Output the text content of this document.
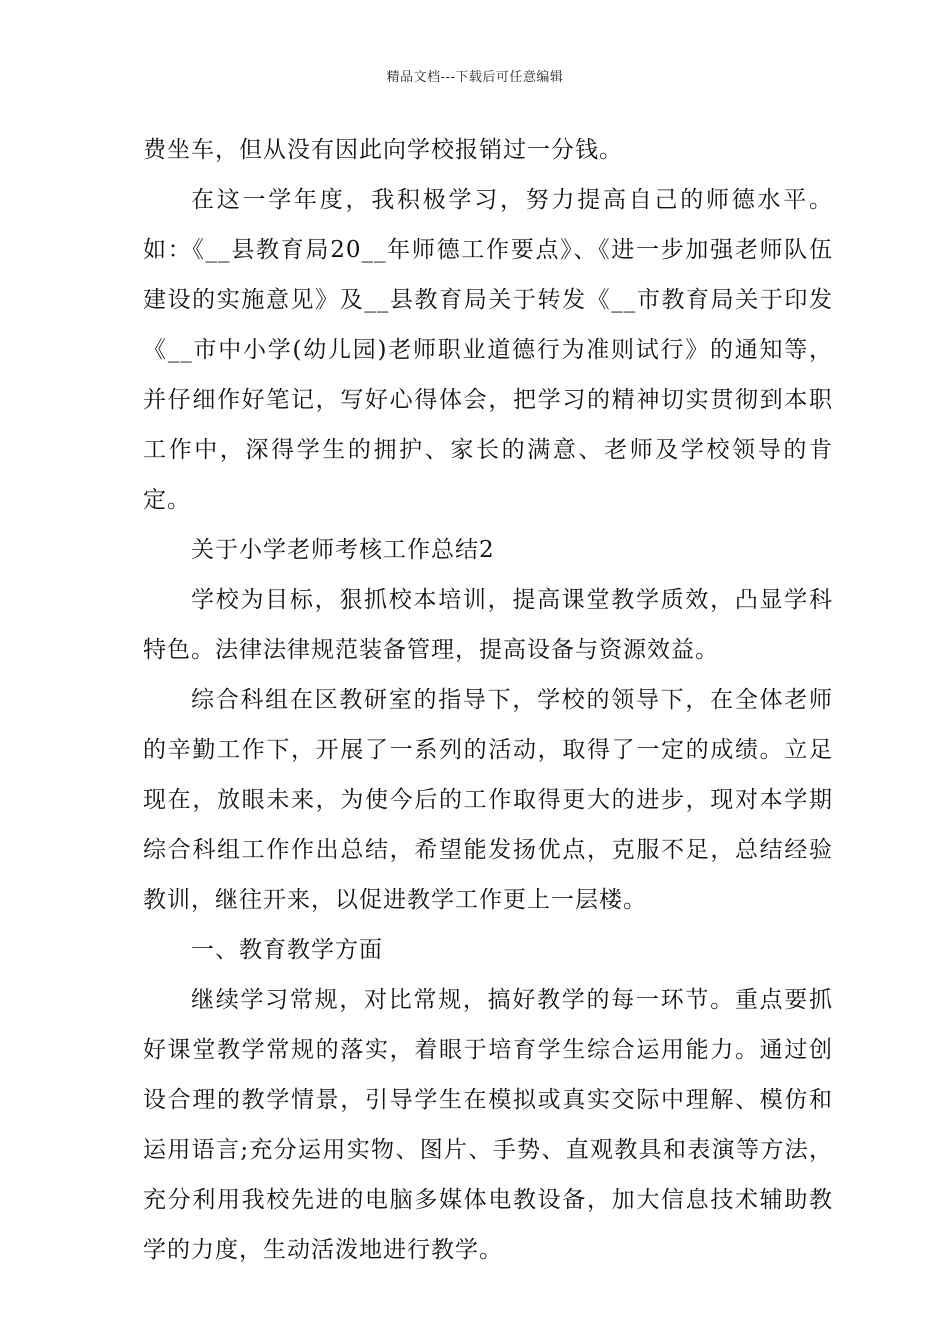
精品文档---下载后可任意编辑

费坐车，但从没有因此向学校报销过一分钱。

在这一学年度，我积极学习，努力提高自己的师德水平。如：《__县教育局20__年师德工作要点》、《进一步加强老师队伍建设的实施意见》及__县教育局关于转发《__市教育局关于印发《__市中小学(幼儿园)老师职业道德行为准则试行》的通知等，并仔细作好笔记，写好心得体会，把学习的精神切实贯彻到本职工作中，深得学生的拥护、家长的满意、老师及学校领导的肯定。

关于小学老师考核工作总结2

学校为目标，狠抓校本培训，提高课堂教学质效，凸显学科特色。法律法律规范装备管理，提高设备与资源效益。

综合科组在区教研室的指导下，学校的领导下，在全体老师的辛勤工作下，开展了一系列的活动，取得了一定的成绩。立足现在，放眼未来，为使今后的工作取得更大的进步，现对本学期综合科组工作作出总结，希望能发扬优点，克服不足，总结经验教训，继往开来，以促进教学工作更上一层楼。

一、教育教学方面

继续学习常规，对比常规，搞好教学的每一环节。重点要抓好课堂教学常规的落实，着眼于培育学生综合运用能力。通过创设合理的教学情景，引导学生在模拟或真实交际中理解、模仿和运用语言;充分运用实物、图片、手势、直观教具和表演等方法，充分利用我校先进的电脑多媒体电教设备，加大信息技术辅助教学的力度，生动活泼地进行教学。
